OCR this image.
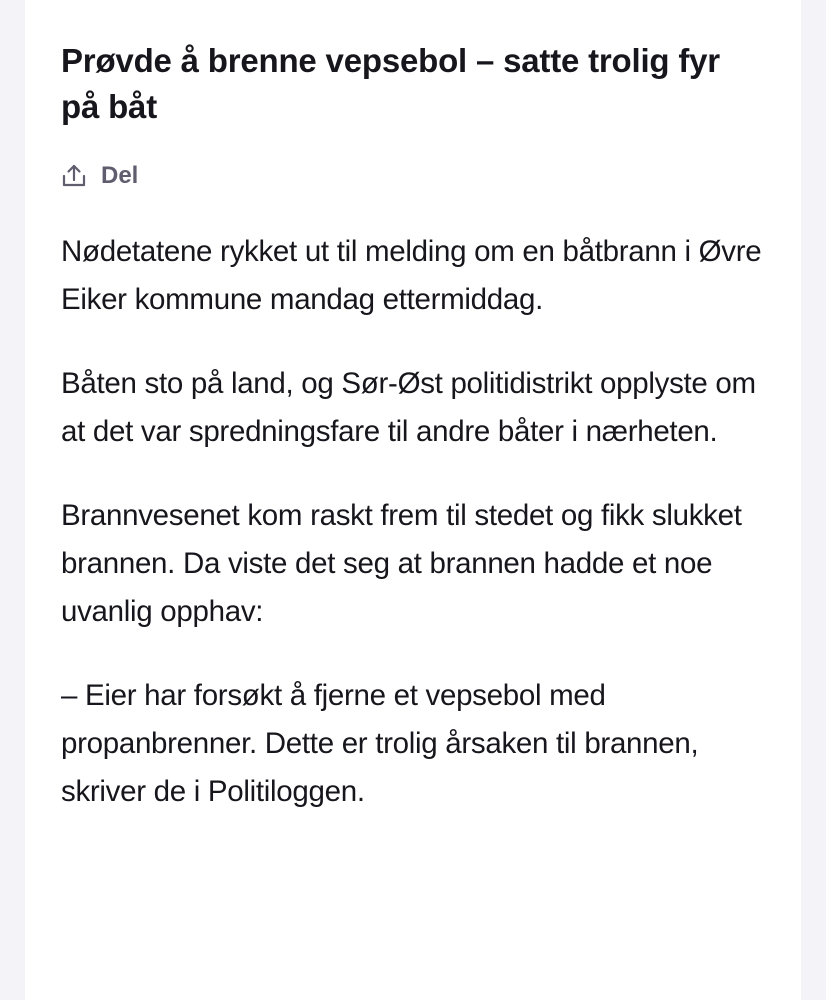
Prøvde å brenne vepsebol – satte trolig fyr på båt
Del

Nødetatene rykket ut til melding om en båtbrann i Øvre Eiker kommune mandag ettermiddag.

Båten sto på land, og Sør-Øst politidistrikt opplyste om at det var spredningsfare til andre båter i nærheten.

Brannvesenet kom raskt frem til stedet og fikk slukket brannen. Da viste det seg at brannen hadde et noe uvanlig opphav:

– Eier har forsøkt å fjerne et vepsebol med propanbrenner. Dette er trolig årsaken til brannen, skriver de i Politiloggen.
